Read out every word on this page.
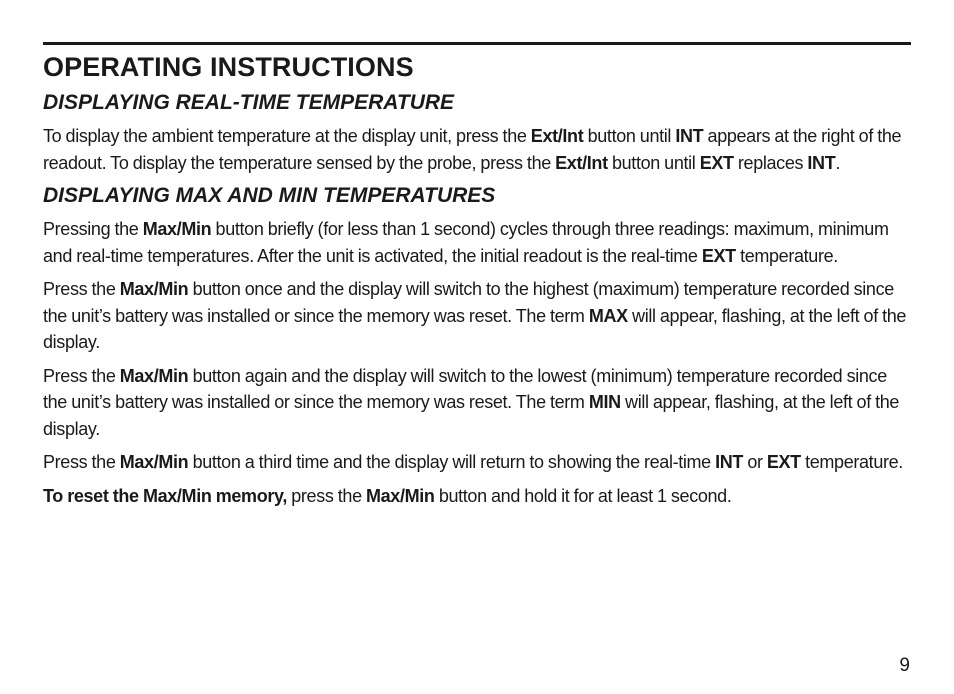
OPERATING INSTRUCTIONS
DISPLAYING REAL-TIME TEMPERATURE

To display the ambient temperature at the display unit, press the Ext/Int button until INT appears at the right of the readout. To display the temperature sensed by the probe, press the Ext/Int button until EXT replaces INT.

DISPLAYING MAX AND MIN TEMPERATURES

Pressing the Max/Min button briefly (for less than 1 second) cycles through three readings: maximum, minimum and real-time temperatures. After the unit is activated, the initial readout is the real-time EXT temperature.

Press the Max/Min button once and the display will switch to the highest (maximum) temperature recorded since the unit’s battery was installed or since the memory was reset. The term MAX will appear, flashing, at the left of the display.

Press the Max/Min button again and the display will switch to the lowest (minimum) temperature recorded since the unit’s battery was installed or since the memory was reset. The term MIN will appear, flashing, at the left of the display.

Press the Max/Min button a third time and the display will return to showing the real-time INT or EXT temperature.

To reset the Max/Min memory, press the Max/Min button and hold it for at least 1 second.

9
